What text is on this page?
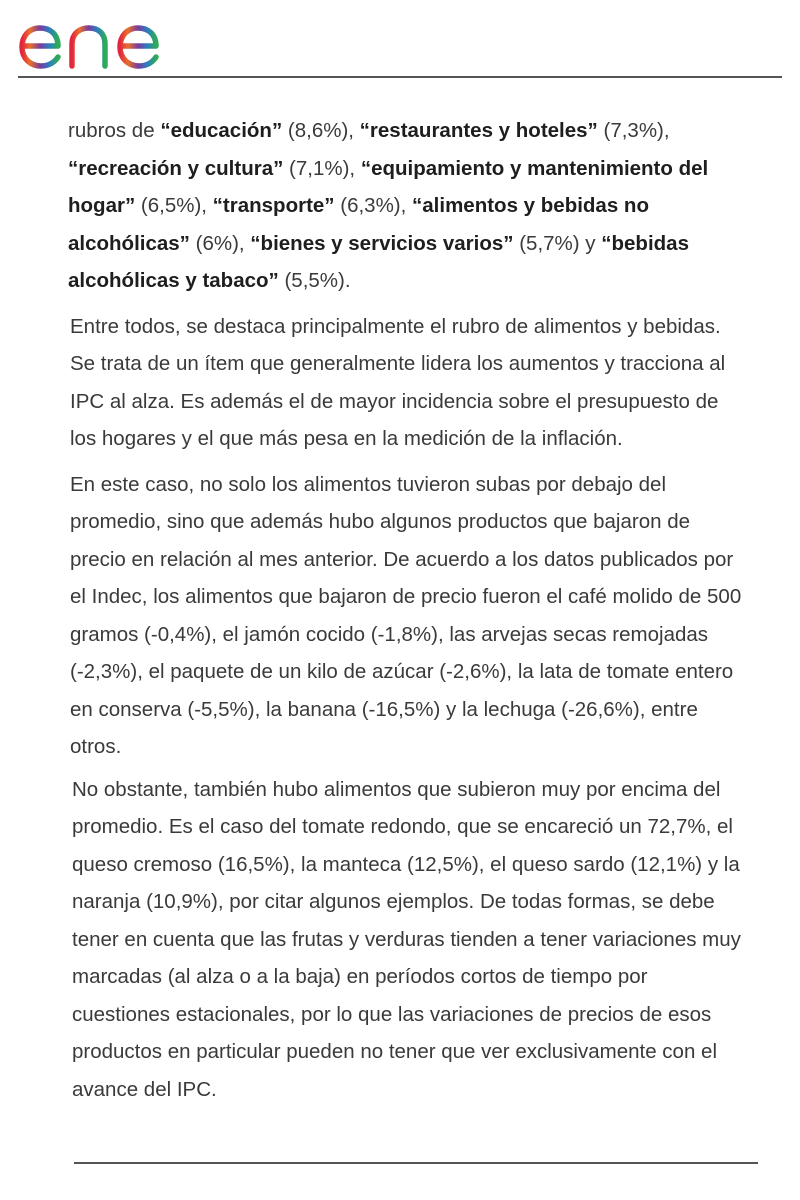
rubros de “educación” (8,6%), “restaurantes y hoteles” (7,3%), “recreación y cultura” (7,1%), “equipamiento y mantenimiento del hogar” (6,5%), “transporte” (6,3%), “alimentos y bebidas no alcohólicas” (6%), “bienes y servicios varios” (5,7%) y “bebidas alcohólicas y tabaco” (5,5%).

Entre todos, se destaca principalmente el rubro de alimentos y bebidas. Se trata de un ítem que generalmente lidera los aumentos y tracciona al IPC al alza. Es además el de mayor incidencia sobre el presupuesto de los hogares y el que más pesa en la medición de la inflación.

En este caso, no solo los alimentos tuvieron subas por debajo del promedio, sino que además hubo algunos productos que bajaron de precio en relación al mes anterior. De acuerdo a los datos publicados por el Indec, los alimentos que bajaron de precio fueron el café molido de 500 gramos (-0,4%), el jamón cocido (-1,8%), las arvejas secas remojadas (-2,3%), el paquete de un kilo de azúcar (-2,6%), la lata de tomate entero en conserva (-5,5%), la banana (-16,5%) y la lechuga (-26,6%), entre otros.

No obstante, también hubo alimentos que subieron muy por encima del promedio. Es el caso del tomate redondo, que se encareció un 72,7%, el queso cremoso (16,5%), la manteca (12,5%), el queso sardo (12,1%) y la naranja (10,9%), por citar algunos ejemplos. De todas formas, se debe tener en cuenta que las frutas y verduras tienden a tener variaciones muy marcadas (al alza o a la baja) en períodos cortos de tiempo por cuestiones estacionales, por lo que las variaciones de precios de esos productos en particular pueden no tener que ver exclusivamente con el avance del IPC.
